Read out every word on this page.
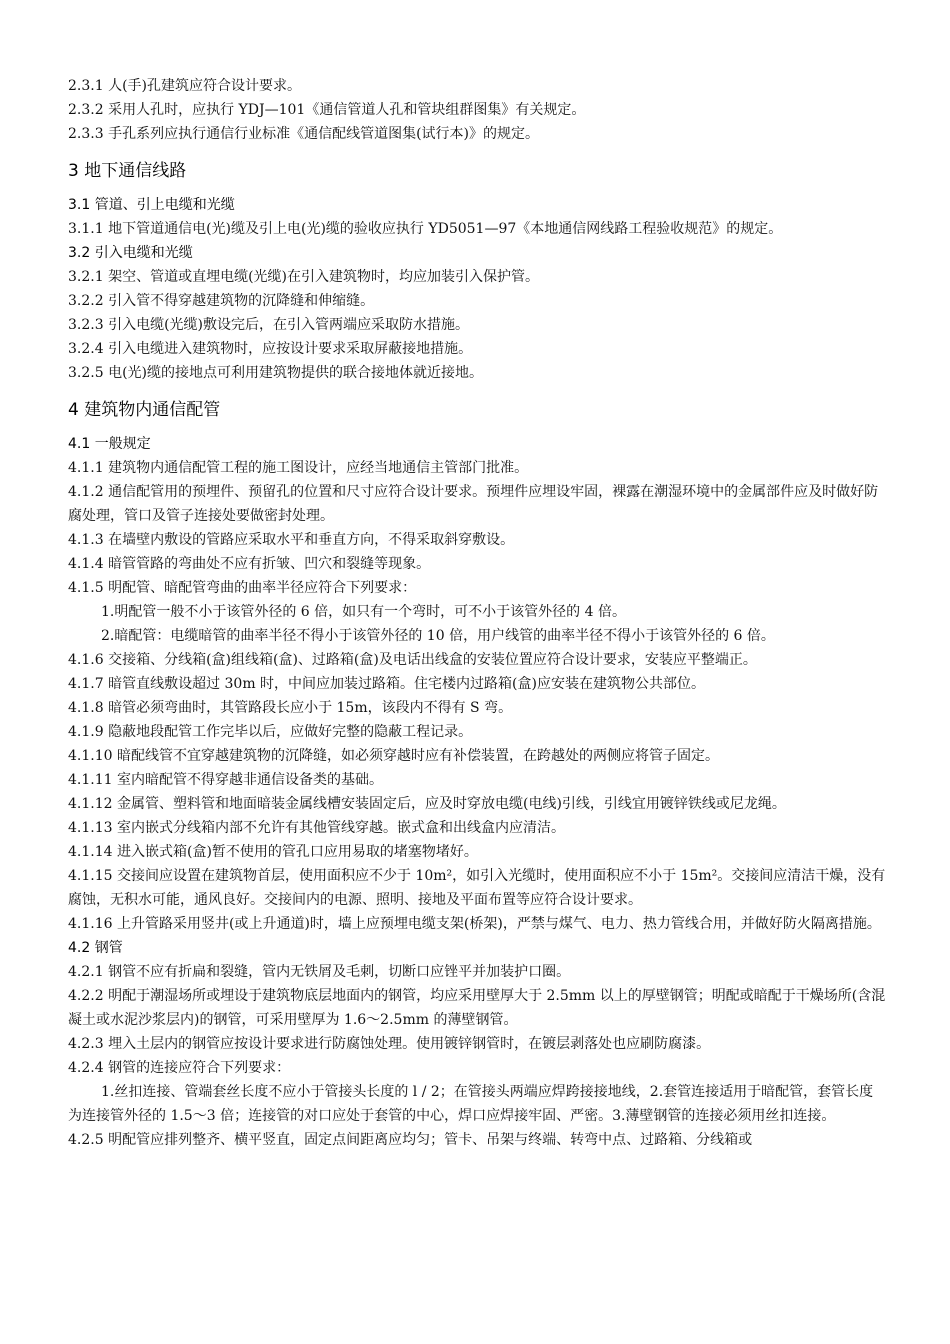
2.3.1 人(手)孔建筑应符合设计要求。
2.3.2 采用人孔时，应执行 YDJ—101《通信管道人孔和管块组群图集》有关规定。
2.3.3 手孔系列应执行通信行业标准《通信配线管道图集(试行本)》的规定。
3 地下通信线路
3.1 管道、引上电缆和光缆
3.1.1 地下管道通信电(光)缆及引上电(光)缆的验收应执行 YD5051—97《本地通信网线路工程验收规范》的规定。
3.2 引入电缆和光缆
3.2.1 架空、管道或直埋电缆(光缆)在引入建筑物时，均应加装引入保护管。
3.2.2 引入管不得穿越建筑物的沉降缝和伸缩缝。
3.2.3 引入电缆(光缆)敷设完后，在引入管两端应采取防水措施。
3.2.4 引入电缆进入建筑物时，应按设计要求采取屏蔽接地措施。
3.2.5 电(光)缆的接地点可利用建筑物提供的联合接地体就近接地。
4 建筑物内通信配管
4.1 一般规定
4.1.1 建筑物内通信配管工程的施工图设计，应经当地通信主管部门批准。
4.1.2 通信配管用的预埋件、预留孔的位置和尺寸应符合设计要求。预埋件应埋设牢固，裸露在潮湿环境中的金属部件应及时做好防腐处理，管口及管子连接处要做密封处理。
4.1.3 在墙壁内敷设的管路应采取水平和垂直方向，不得采取斜穿敷设。
4.1.4 暗管管路的弯曲处不应有折皱、凹穴和裂缝等现象。
4.1.5 明配管、暗配管弯曲的曲率半径应符合下列要求：
1.明配管一般不小于该管外径的 6 倍，如只有一个弯时，可不小于该管外径的 4 倍。
2.暗配管：电缆暗管的曲率半径不得小于该管外径的 10 倍，用户线管的曲率半径不得小于该管外径的 6 倍。
4.1.6 交接箱、分线箱(盒)组线箱(盒)、过路箱(盒)及电话出线盒的安装位置应符合设计要求，安装应平整端正。
4.1.7 暗管直线敷设超过 30m 时，中间应加装过路箱。住宅楼内过路箱(盒)应安装在建筑物公共部位。
4.1.8 暗管必须弯曲时，其管路段长应小于 15m，该段内不得有 S 弯。
4.1.9 隐蔽地段配管工作完毕以后，应做好完整的隐蔽工程记录。
4.1.10 暗配线管不宜穿越建筑物的沉降缝，如必须穿越时应有补偿装置，在跨越处的两侧应将管子固定。
4.1.11 室内暗配管不得穿越非通信设备类的基础。
4.1.12 金属管、塑料管和地面暗装金属线槽安装固定后，应及时穿放电缆(电线)引线，引线宜用镀锌铁线或尼龙绳。
4.1.13 室内嵌式分线箱内部不允许有其他管线穿越。嵌式盒和出线盒内应清洁。
4.1.14 进入嵌式箱(盒)暂不使用的管孔口应用易取的堵塞物堵好。
4.1.15 交接间应设置在建筑物首层，使用面积应不少于 10m²，如引入光缆时，使用面积应不小于 15m²。交接间应清洁干燥，没有腐蚀，无积水可能，通风良好。交接间内的电源、照明、接地及平面布置等应符合设计要求。
4.1.16 上升管路采用竖井(或上升通道)时，墙上应预埋电缆支架(桥架)，严禁与煤气、电力、热力管线合用，并做好防火隔离措施。
4.2 钢管
4.2.1 钢管不应有折扁和裂缝，管内无铁屑及毛刺，切断口应锉平并加装护口圈。
4.2.2 明配于潮湿场所或埋设于建筑物底层地面内的钢管，均应采用壁厚大于 2.5mm 以上的厚壁钢管；明配或暗配于干燥场所(含混凝土或水泥沙浆层内)的钢管，可采用壁厚为 1.6～2.5mm 的薄壁钢管。
4.2.3 埋入土层内的钢管应按设计要求进行防腐蚀处理。使用镀锌钢管时，在镀层剥落处也应刷防腐漆。
4.2.4 钢管的连接应符合下列要求：
1.丝扣连接、管端套丝长度不应小于管接头长度的 l / 2；在管接头两端应焊跨接接地线，2.套管连接适用于暗配管，套管长度为连接管外径的 1.5～3 倍；连接管的对口应处于套管的中心，焊口应焊接牢固、严密。3.薄壁钢管的连接必须用丝扣连接。
4.2.5 明配管应排列整齐、横平竖直，固定点间距离应均匀；管卡、吊架与终端、转弯中点、过路箱、分线箱或
